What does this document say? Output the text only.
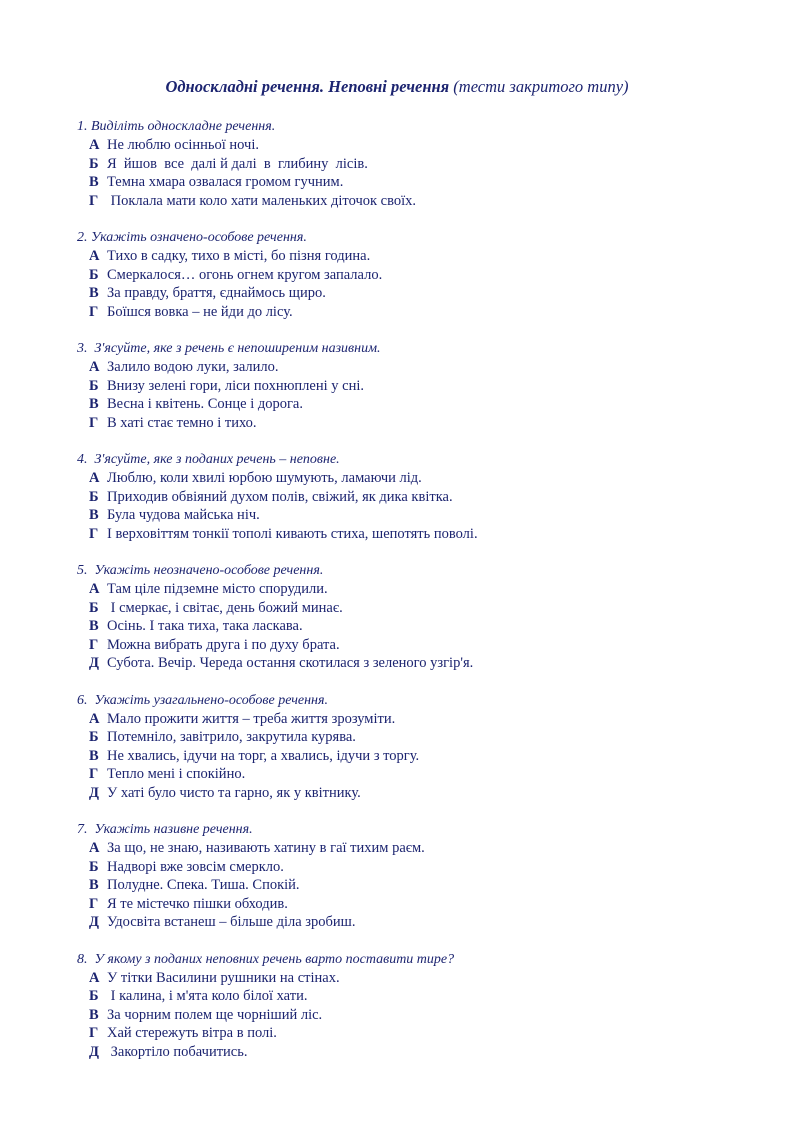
Односкладні речення. Неповні речення (тести закритого типу)
1. Виділіть односкладне речення.
А Не люблю осінньої ночі.
Б Я  йшов  все  далі й далі  в  глибину  лісів.
В Темна хмара озвалася громом гучним.
Г Поклала мати коло хати маленьких діточок своїх.
2. Укажіть означено-особове речення.
А Тихо в садку, тихо в місті, бо пізня година.
Б Смеркалося… огонь огнем кругом запалало.
В За правду, браття, єднаймось щиро.
Г Боїшся вовка – не йди до лісу.
3.  З'ясуйте, яке з речень є непоширеним називним.
А Залило водою луки, залило.
Б Внизу зелені гори, ліси похнюплені у сні.
В Весна і квітень. Сонце і дорога.
Г В хаті стає темно і тихо.
4.  З'ясуйте, яке з поданих речень – неповне.
А Люблю, коли хвилі юрбою шумують, ламаючи лід.
Б Приходив обвіяний духом полів, свіжий, як дика квітка.
В Була чудова майська ніч.
Г І верховіттям тонкії тополі кивають стиха, шепотять поволі.
5.  Укажіть неозначено-особове речення.
А Там ціле підземне місто спорудили.
Б І смеркає, і світає, день божий минає.
В Осінь. І така тиха, така ласкава.
Г Можна вибрать друга і по духу брата.
Д Субота. Вечір. Череда остання скотилася з зеленого узгір'я.
6.  Укажіть узагальнено-особове речення.
А Мало прожити життя – треба життя зрозуміти.
Б Потемніло, завітрило, закрутила курява.
В Не хвались, ідучи на торг, а хвались, ідучи з торгу.
Г Тепло мені і спокійно.
Д У хаті було чисто та гарно, як у квітнику.
7.  Укажіть називне речення.
А За що, не знаю, називають хатину в гаї тихим раєм.
Б Надворі вже зовсім смеркло.
В Полудне. Спека. Тиша. Спокій.
Г Я те містечко пішки обходив.
Д Удосвіта встанеш – більше діла зробиш.
8.  У якому з поданих неповних речень варто поставити тире?
А У тітки Василини рушники на стінах.
Б І калина, і м'ята коло білої хати.
В За чорним полем ще чорніший ліс.
Г Хай стережуть вітра в полі.
Д Закортіло побачитись.
